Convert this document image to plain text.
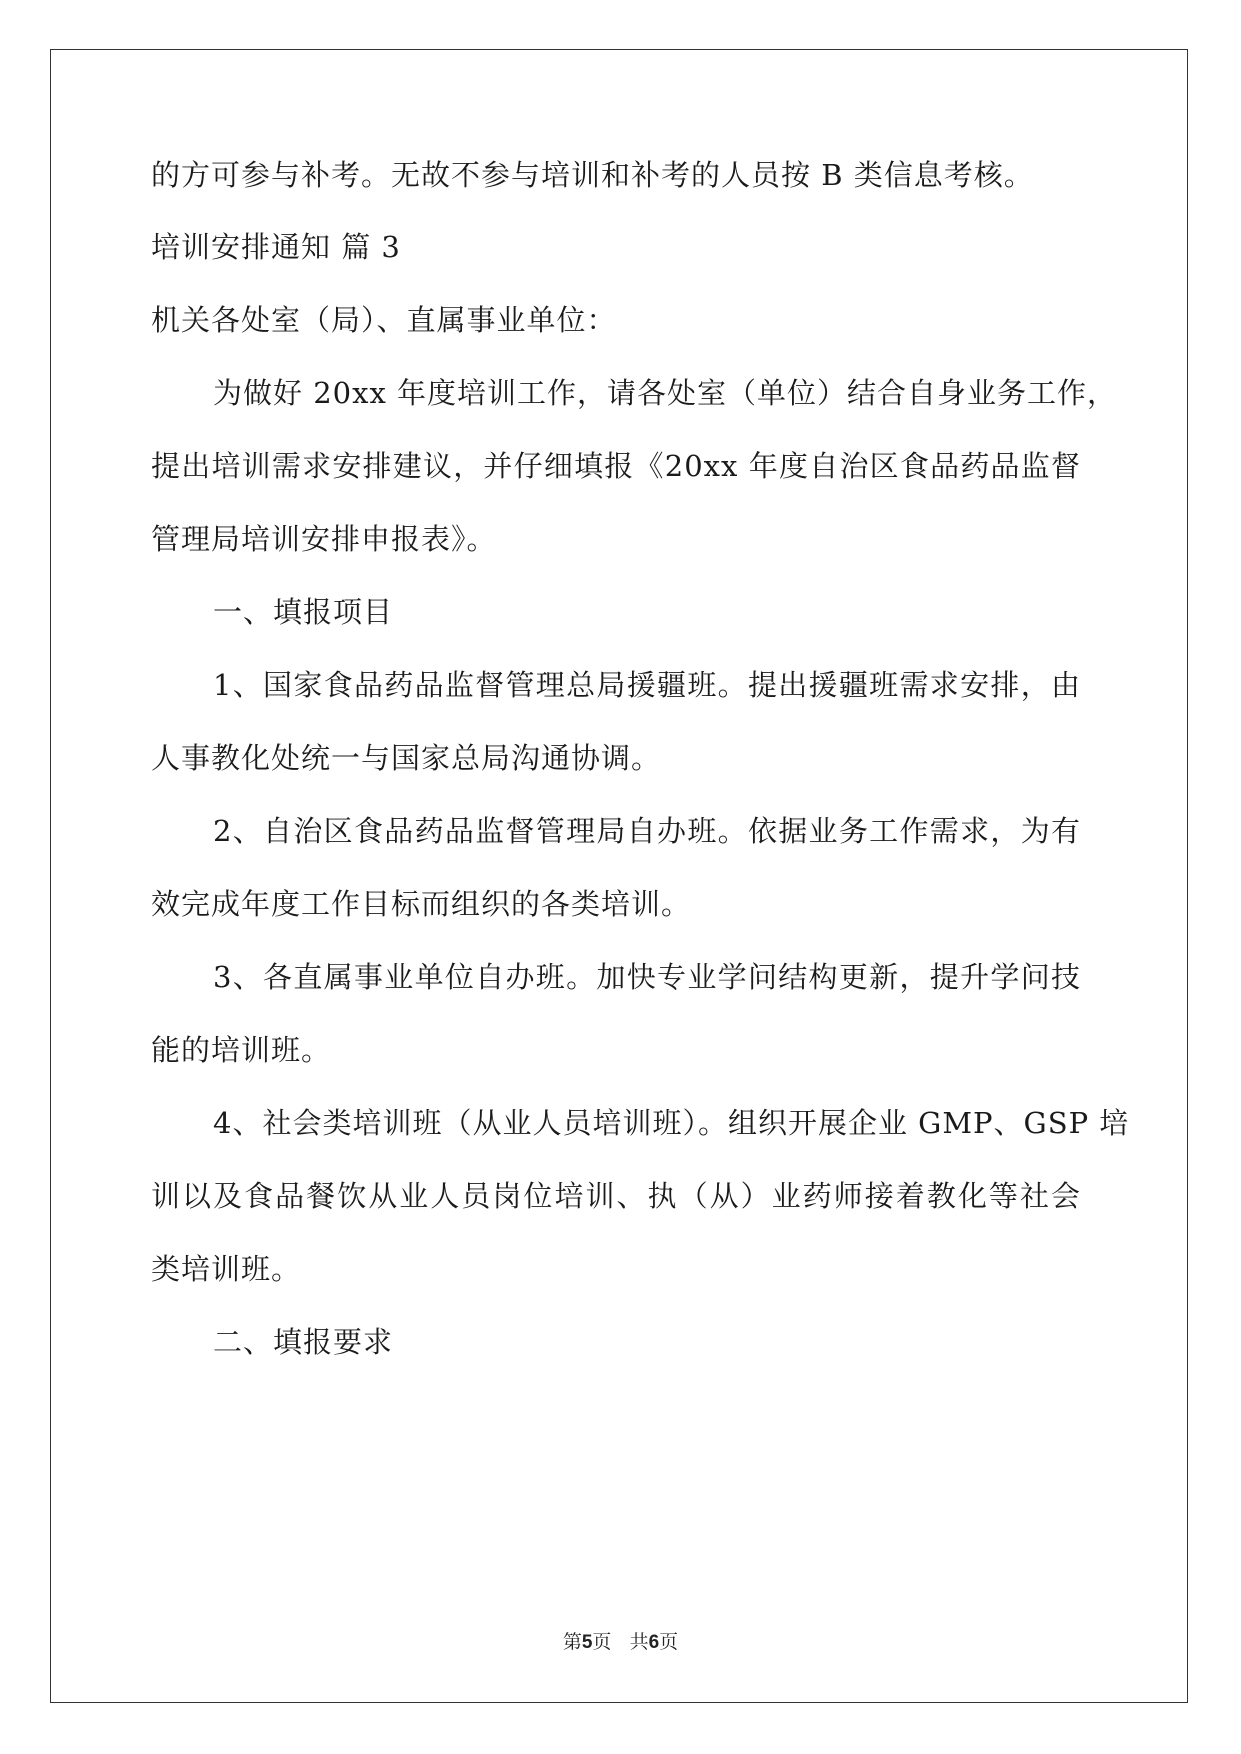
的方可参与补考。无故不参与培训和补考的人员按 B 类信息考核。
培训安排通知 篇 3
机关各处室（局）、直属事业单位：
为做好 20xx 年度培训工作，请各处室（单位）结合自身业务工作，
提出培训需求安排建议，并仔细填报《20xx 年度自治区食品药品监督
管理局培训安排申报表》。
一、填报项目
1、国家食品药品监督管理总局援疆班。提出援疆班需求安排，由
人事教化处统一与国家总局沟通协调。
2、自治区食品药品监督管理局自办班。依据业务工作需求，为有
效完成年度工作目标而组织的各类培训。
3、各直属事业单位自办班。加快专业学问结构更新，提升学问技
能的培训班。
4、社会类培训班（从业人员培训班）。组织开展企业 GMP、GSP 培
训以及食品餐饮从业人员岗位培训、执（从）业药师接着教化等社会
类培训班。
二、填报要求
第5页 共6页
